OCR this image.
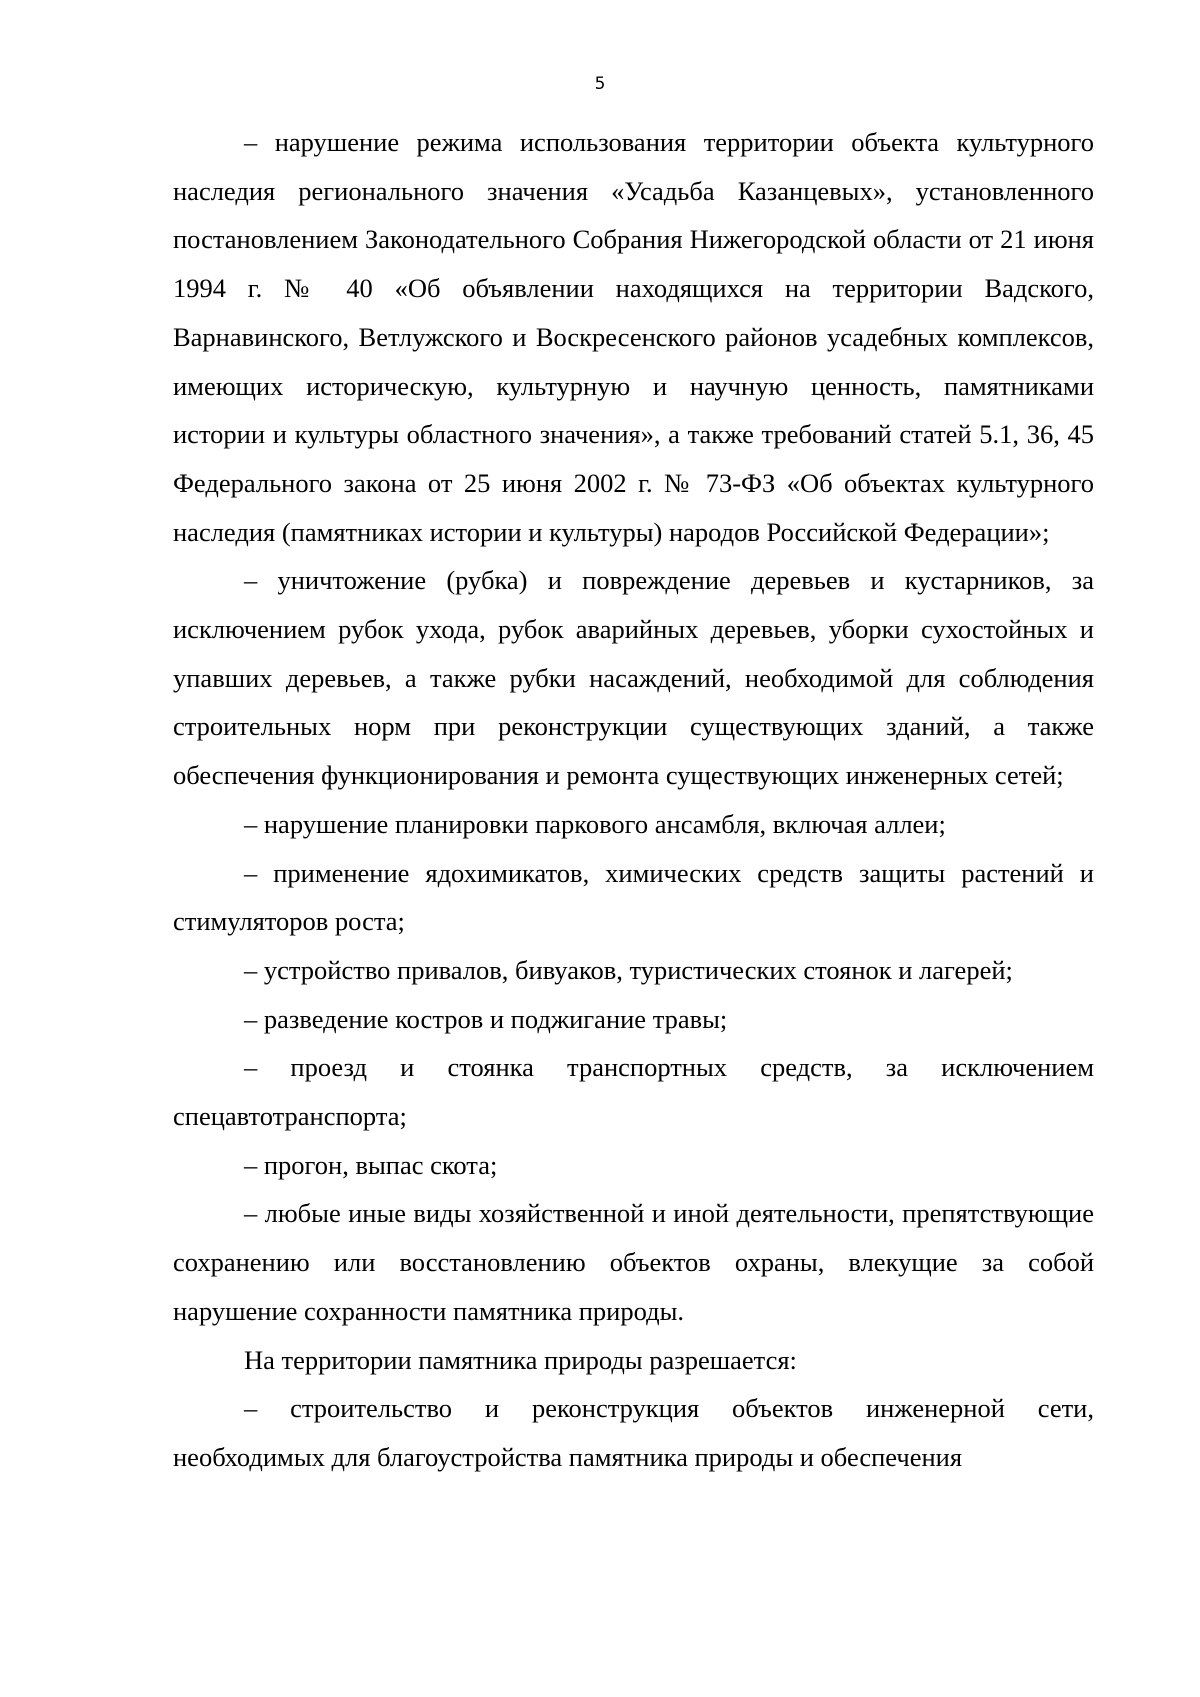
5

– нарушение режима использования территории объекта культурного наследия регионального значения «Усадьба Казанцевых», установленного постановлением Законодательного Собрания Нижегородской области от 21 июня 1994 г. № 40 «Об объявлении находящихся на территории Вадского, Варнавинского, Ветлужского и Воскресенского районов усадебных комплексов, имеющих историческую, культурную и научную ценность, памятниками истории и культуры областного значения», а также требований статей 5.1, 36, 45 Федерального закона от 25 июня 2002 г. № 73-ФЗ «Об объектах культурного наследия (памятниках истории и культуры) народов Российской Федерации»;

– уничтожение (рубка) и повреждение деревьев и кустарников, за исключением рубок ухода, рубок аварийных деревьев, уборки сухостойных и упавших деревьев, а также рубки насаждений, необходимой для соблюдения строительных норм при реконструкции существующих зданий, а также обеспечения функционирования и ремонта существующих инженерных сетей;

– нарушение планировки паркового ансамбля, включая аллеи;

– применение ядохимикатов, химических средств защиты растений и стимуляторов роста;

– устройство привалов, бивуаков, туристических стоянок и лагерей;

– разведение костров и поджигание травы;

– проезд и стоянка транспортных средств, за исключением спецавтотранспорта;

– прогон, выпас скота;

– любые иные виды хозяйственной и иной деятельности, препятствующие сохранению или восстановлению объектов охраны, влекущие за собой нарушение сохранности памятника природы.

На территории памятника природы разрешается:

– строительство и реконструкция объектов инженерной сети, необходимых для благоустройства памятника природы и обеспечения
